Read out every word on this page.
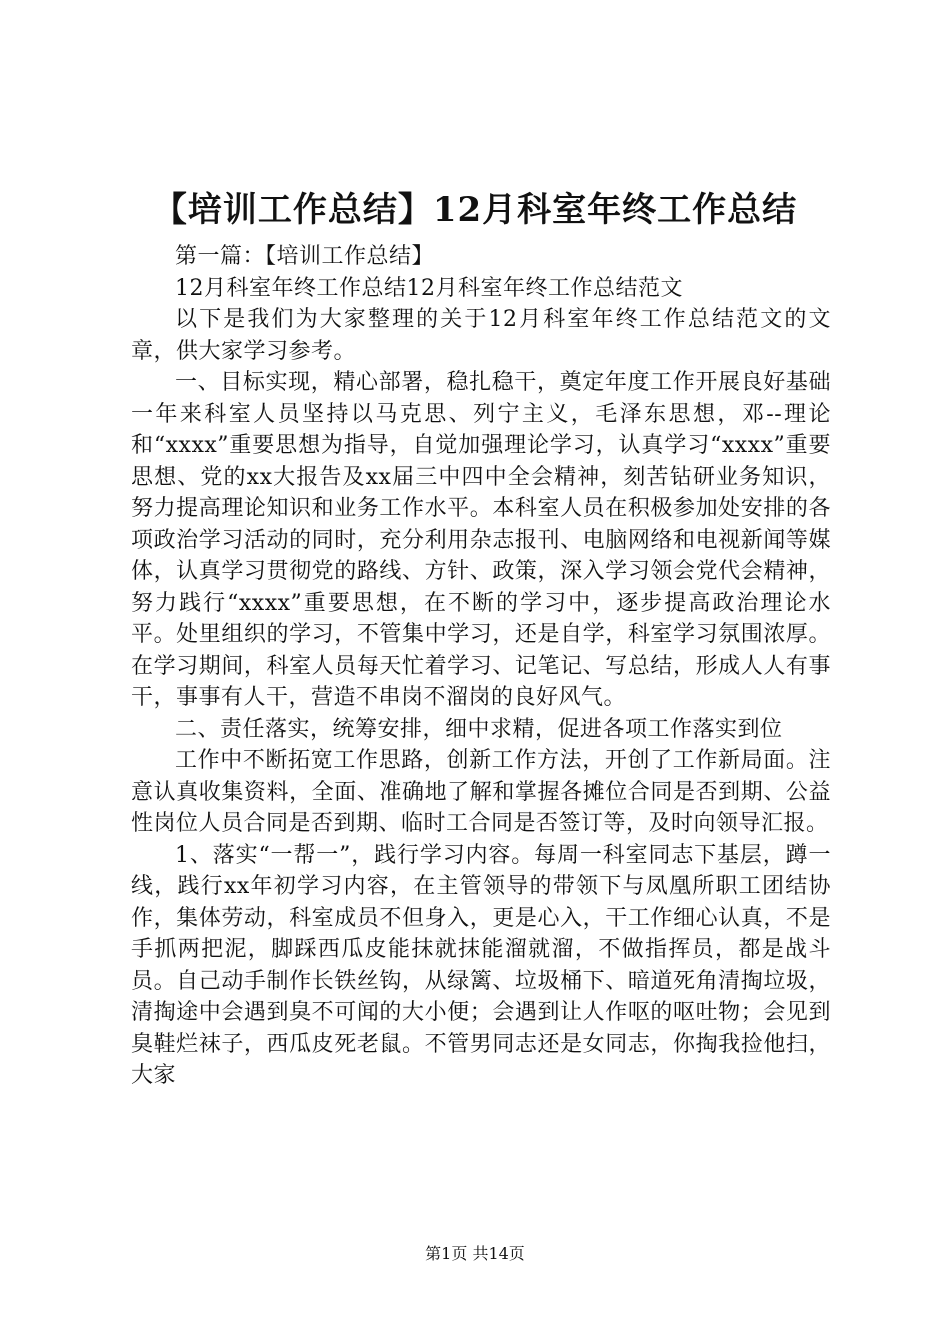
【培训工作总结】12月科室年终工作总结

第一篇：【培训工作总结】

12月科室年终工作总结12月科室年终工作总结范文

以下是我们为大家整理的关于12月科室年终工作总结范文的文章，供大家学习参考。

一、目标实现，精心部署，稳扎稳干，奠定年度工作开展良好基础一年来科室人员坚持以马克思、列宁主义，毛泽东思想，邓--理论和“xxxx”重要思想为指导，自觉加强理论学习，认真学习“xxxx”重要思想、党的xx大报告及xx届三中四中全会精神，刻苦钻研业务知识，努力提高理论知识和业务工作水平。本科室人员在积极参加处安排的各项政治学习活动的同时，充分利用杂志报刊、电脑网络和电视新闻等媒体，认真学习贯彻党的路线、方针、政策，深入学习领会党代会精神，努力践行“xxxx”重要思想，在不断的学习中，逐步提高政治理论水平。处里组织的学习，不管集中学习，还是自学，科室学习氛围浓厚。在学习期间，科室人员每天忙着学习、记笔记、写总结，形成人人有事干，事事有人干，营造不串岗不溜岗的良好风气。

二、责任落实，统筹安排，细中求精，促进各项工作落实到位

工作中不断拓宽工作思路，创新工作方法，开创了工作新局面。注意认真收集资料，全面、准确地了解和掌握各摊位合同是否到期、公益性岗位人员合同是否到期、临时工合同是否签订等，及时向领导汇报。

1、落实“一帮一”，践行学习内容。每周一科室同志下基层，蹲一线，践行xx年初学习内容，在主管领导的带领下与凤凰所职工团结协作，集体劳动，科室成员不但身入，更是心入，干工作细心认真，不是手抓两把泥，脚踩西瓜皮能抹就抹能溜就溜，不做指挥员，都是战斗员。自己动手制作长铁丝钩，从绿篱、垃圾桶下、暗道死角清掏垃圾，清掏途中会遇到臭不可闻的大小便；会遇到让人作呕的呕吐物；会见到臭鞋烂袜子，西瓜皮死老鼠。不管男同志还是女同志，你掏我捡他扫，大家

第1页 共14页
